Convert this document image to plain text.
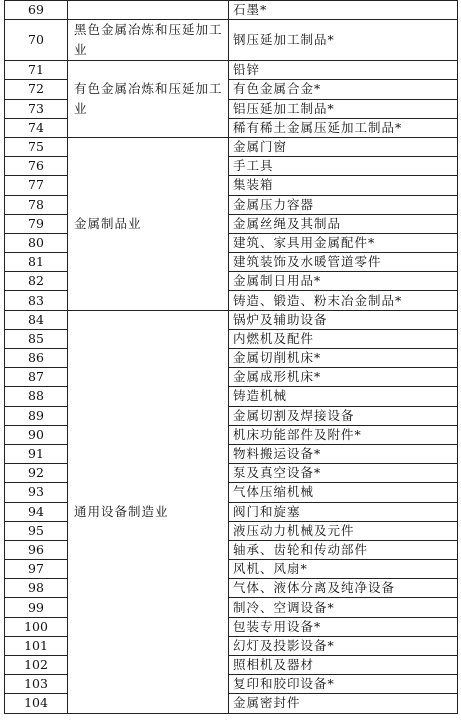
69		石墨*
70	黑色金属冶炼和压延加工业	钢压延加工制品*
71	有色金属冶炼和压延加工业	铅锌
72		有色金属合金*
73		铝压延加工制品*
74		稀有稀土金属压延加工制品*
75	金属制品业	金属门窗
76		手工具
77		集装箱
78		金属压力容器
79		金属丝绳及其制品
80		建筑、家具用金属配件*
81		建筑装饰及水暖管道零件
82		金属制日用品*
83		铸造、锻造、粉末冶金制品*
84	通用设备制造业	锅炉及辅助设备
85		内燃机及配件
86		金属切削机床*
87		金属成形机床*
88		铸造机械
89		金属切割及焊接设备
90		机床功能部件及附件*
91		物料搬运设备*
92		泵及真空设备*
93		气体压缩机械
94		阀门和旋塞
95		液压动力机械及元件
96		轴承、齿轮和传动部件
97		风机、风扇*
98		气体、液体分离及纯净设备
99		制冷、空调设备*
100		包装专用设备*
101		幻灯及投影设备*
102		照相机及器材
103		复印和胶印设备*
104		金属密封件
